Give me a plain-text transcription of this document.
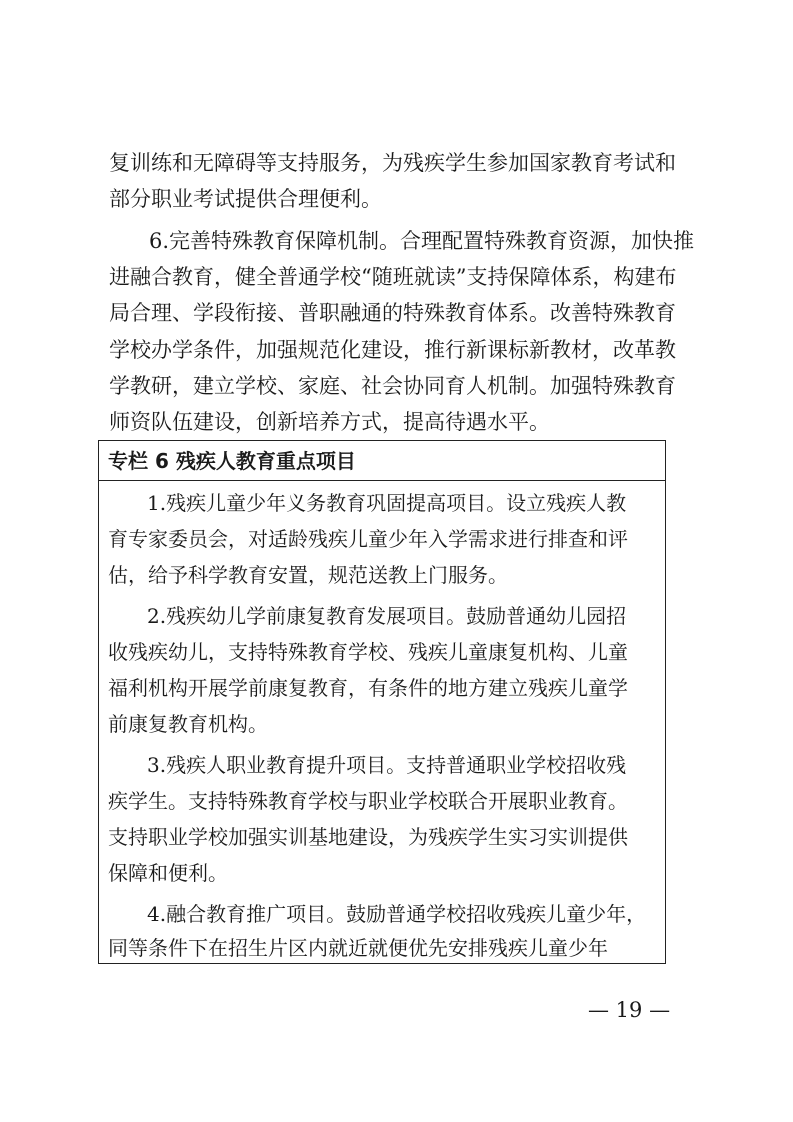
复训练和无障碍等支持服务，为残疾学生参加国家教育考试和
部分职业考试提供合理便利。
6.完善特殊教育保障机制。合理配置特殊教育资源，加快推
进融合教育，健全普通学校“随班就读”支持保障体系，构建布
局合理、学段衔接、普职融通的特殊教育体系。改善特殊教育
学校办学条件，加强规范化建设，推行新课标新教材，改革教
学教研，建立学校、家庭、社会协同育人机制。加强特殊教育
师资队伍建设，创新培养方式，提高待遇水平。
专栏 6 残疾人教育重点项目
1.残疾儿童少年义务教育巩固提高项目。设立残疾人教
育专家委员会，对适龄残疾儿童少年入学需求进行排查和评
估，给予科学教育安置，规范送教上门服务。
2.残疾幼儿学前康复教育发展项目。鼓励普通幼儿园招
收残疾幼儿，支持特殊教育学校、残疾儿童康复机构、儿童
福利机构开展学前康复教育，有条件的地方建立残疾儿童学
前康复教育机构。
3.残疾人职业教育提升项目。支持普通职业学校招收残
疾学生。支持特殊教育学校与职业学校联合开展职业教育。
支持职业学校加强实训基地建设，为残疾学生实习实训提供
保障和便利。
4.融合教育推广项目。鼓励普通学校招收残疾儿童少年，
同等条件下在招生片区内就近就便优先安排残疾儿童少年
— 19 —
